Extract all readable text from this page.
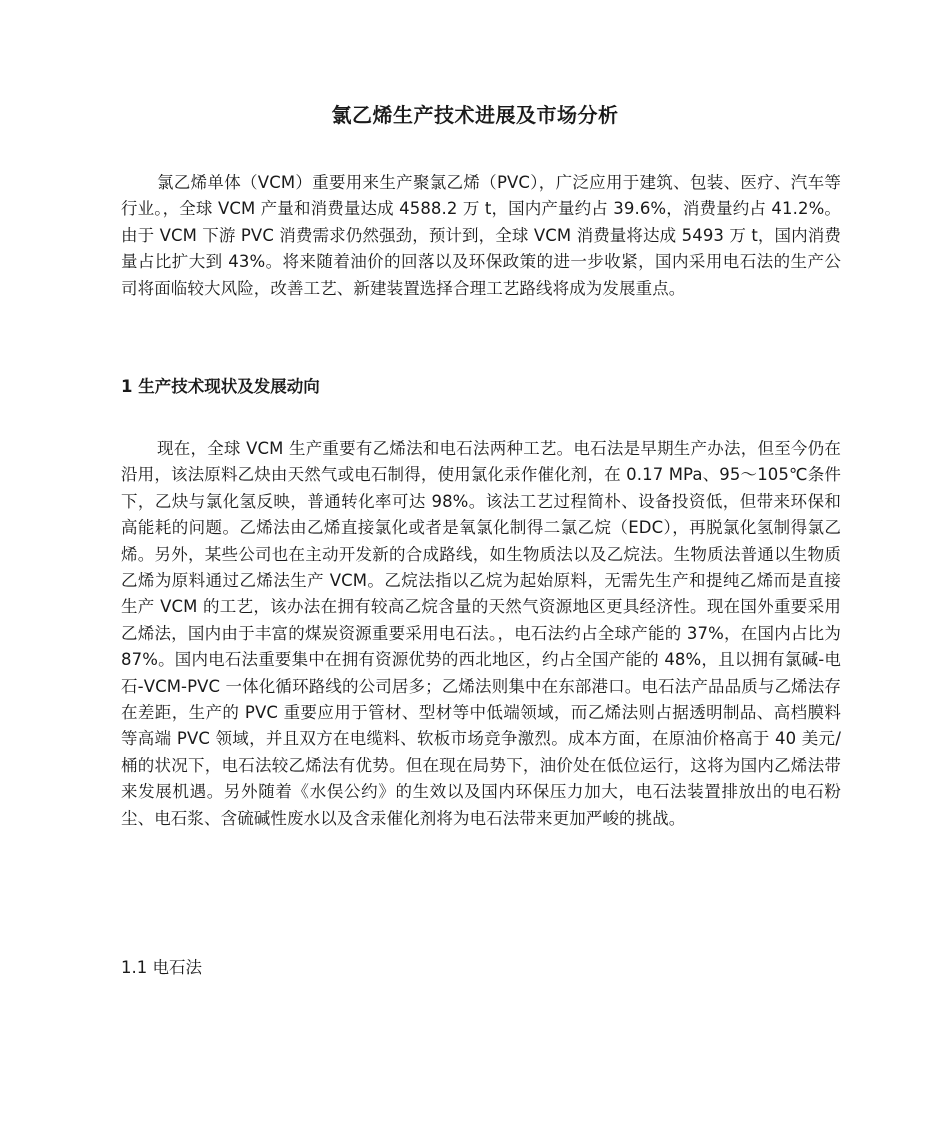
氯乙烯生产技术进展及市场分析

氯乙烯单体（VCM）重要用来生产聚氯乙烯（PVC），广泛应用于建筑、包装、医疗、汽车等行业。，全球 VCM 产量和消费量达成 4588.2 万 t，国内产量约占 39.6%，消费量约占 41.2%。由于 VCM 下游 PVC 消费需求仍然强劲，预计到，全球 VCM 消费量将达成 5493 万 t，国内消费量占比扩大到 43%。将来随着油价的回落以及环保政策的进一步收紧，国内采用电石法的生产公司将面临较大风险，改善工艺、新建装置选择合理工艺路线将成为发展重点。

1 生产技术现状及发展动向

现在，全球 VCM 生产重要有乙烯法和电石法两种工艺。电石法是早期生产办法，但至今仍在沿用，该法原料乙炔由天然气或电石制得，使用氯化汞作催化剂，在 0.17 MPa、95～105℃条件下，乙炔与氯化氢反映，普通转化率可达 98%。该法工艺过程简朴、设备投资低，但带来环保和高能耗的问题。乙烯法由乙烯直接氯化或者是氧氯化制得二氯乙烷（EDC），再脱氯化氢制得氯乙烯。另外，某些公司也在主动开发新的合成路线，如生物质法以及乙烷法。生物质法普通以生物质乙烯为原料通过乙烯法生产 VCM。乙烷法指以乙烷为起始原料，无需先生产和提纯乙烯而是直接生产 VCM 的工艺，该办法在拥有较高乙烷含量的天然气资源地区更具经济性。现在国外重要采用乙烯法，国内由于丰富的煤炭资源重要采用电石法。，电石法约占全球产能的 37%，在国内占比为 87%。国内电石法重要集中在拥有资源优势的西北地区，约占全国产能的 48%，且以拥有氯碱-电石-VCM-PVC 一体化循环路线的公司居多；乙烯法则集中在东部港口。电石法产品品质与乙烯法存在差距，生产的 PVC 重要应用于管材、型材等中低端领域，而乙烯法则占据透明制品、高档膜料等高端 PVC 领域，并且双方在电缆料、软板市场竞争激烈。成本方面，在原油价格高于 40 美元/桶的状况下，电石法较乙烯法有优势。但在现在局势下，油价处在低位运行，这将为国内乙烯法带来发展机遇。另外随着《水俣公约》的生效以及国内环保压力加大，电石法装置排放出的电石粉尘、电石浆、含硫碱性废水以及含汞催化剂将为电石法带来更加严峻的挑战。

1.1 电石法
